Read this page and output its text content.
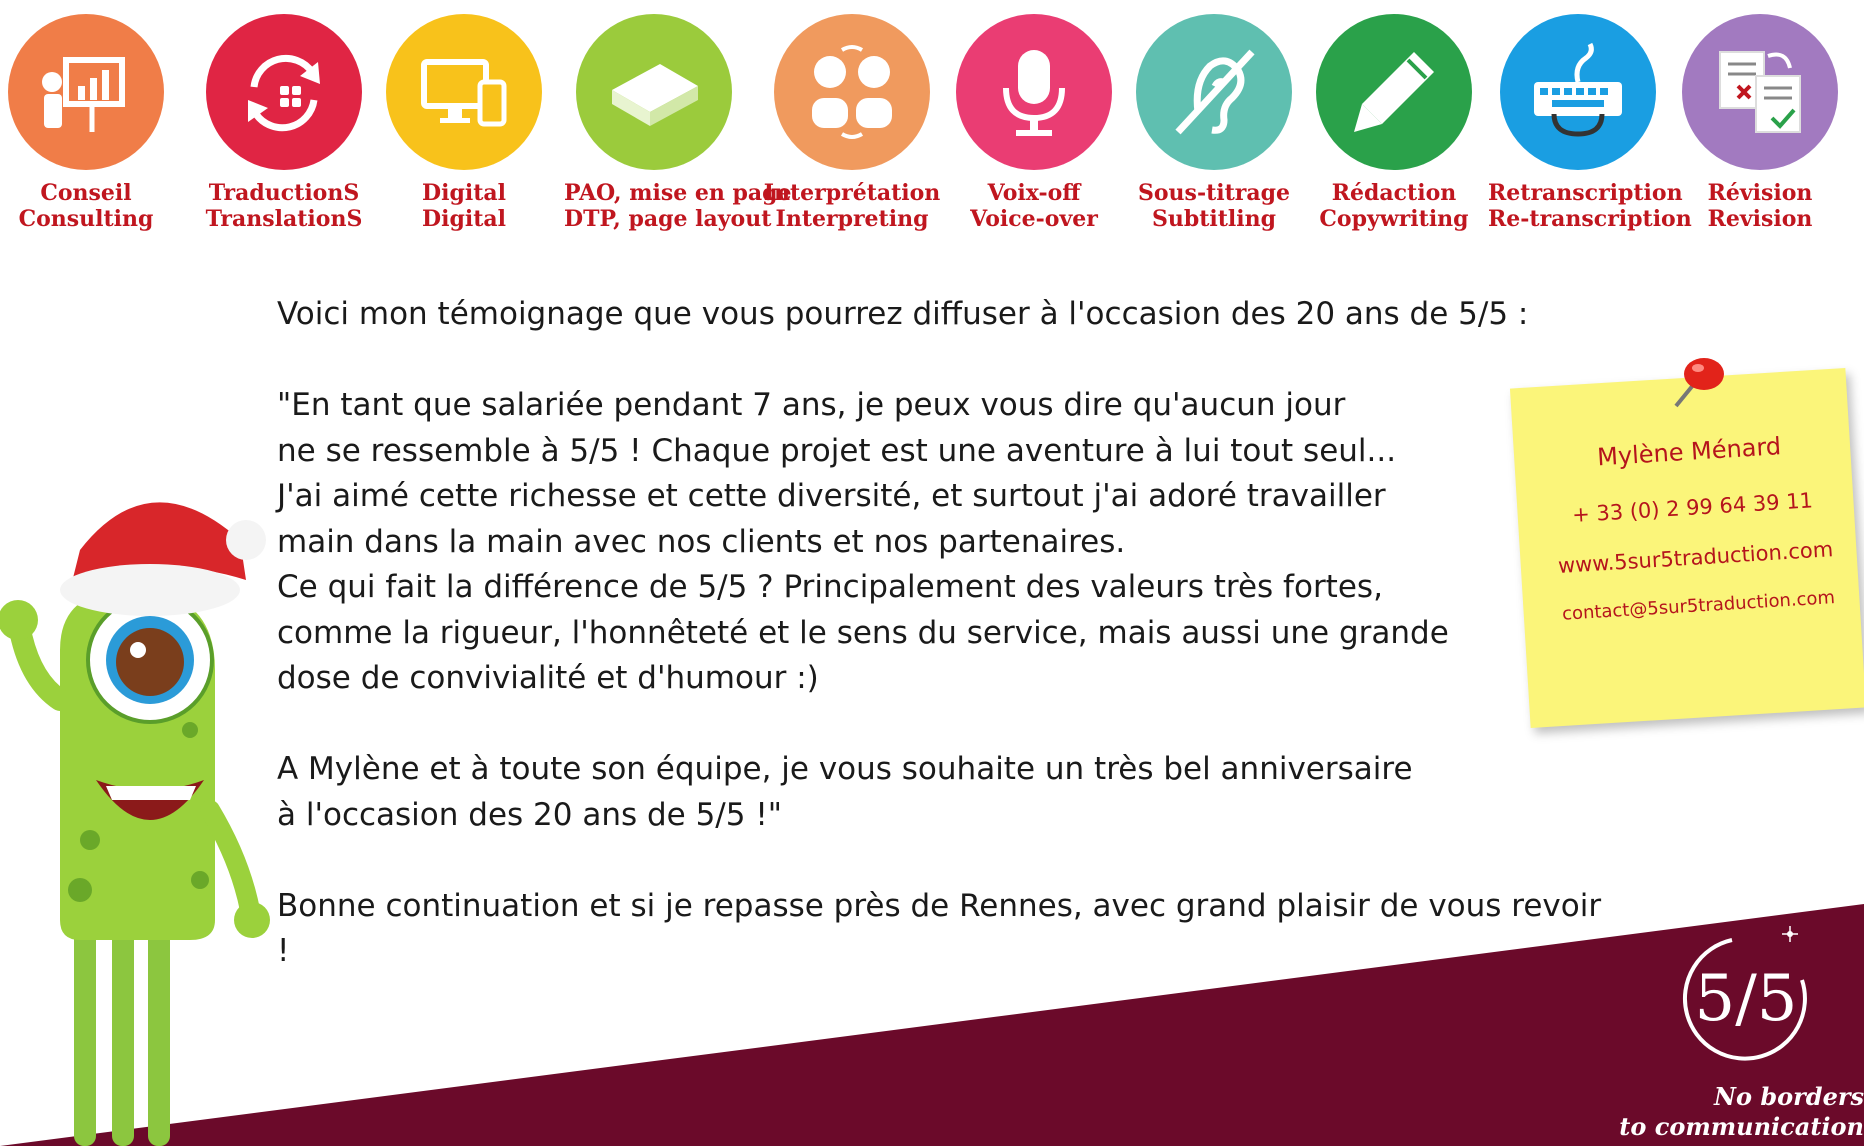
Conseil
Consulting
TraductionS
TranslationS
Digital
Digital
PAO, mise en page
DTP, page layout
Interprétation
Interpreting
Voix-off
Voice-over
Sous-titrage
Subtitling
Rédaction
Copywriting
Retranscription
Re-transcription
Révision
Revision

Voici mon témoignage que vous pourrez diffuser à l'occasion des 20 ans de 5/5 :

"En tant que salariée pendant 7 ans, je peux vous dire qu'aucun jour

ne se ressemble à 5/5 ! Chaque projet est une aventure à lui tout seul...

J'ai aimé cette richesse et cette diversité, et surtout j'ai adoré travailler

main dans la main avec nos clients et nos partenaires.

Ce qui fait la différence de 5/5 ? Principalement des valeurs très fortes,

comme la rigueur, l'honnêteté et le sens du service, mais aussi une grande

dose de convivialité et d'humour :)

A Mylène et à toute son équipe, je vous souhaite un très bel anniversaire

à l'occasion des 20 ans de 5/5 !"

Bonne continuation et si je repasse près de Rennes, avec grand plaisir de vous revoir !

Mylène Ménard
+ 33 (0) 2 99 64 39 11
www.5sur5traduction.com
contact@5sur5traduction.com
5/5
No borders
to communication
